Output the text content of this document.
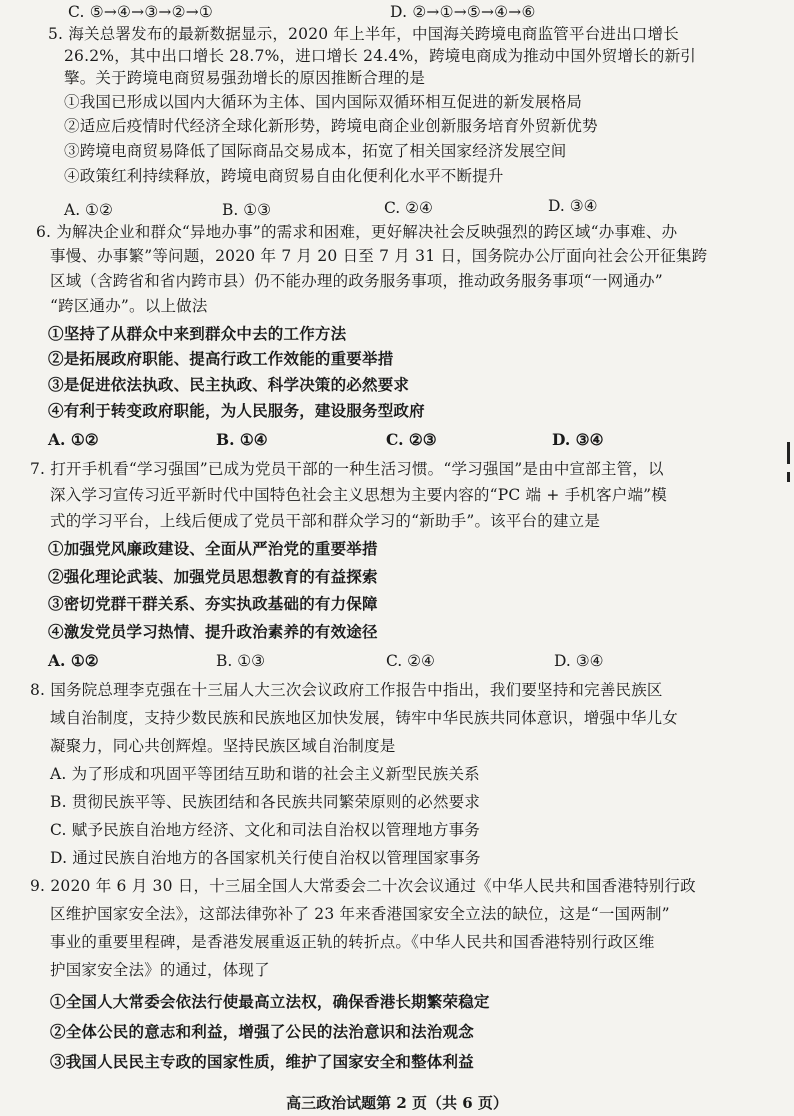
C. ⑤→④→③→②→①	D. ②→①→⑤→④→⑥
5. 海关总署发布的最新数据显示，2020 年上半年，中国海关跨境电商监管平台进出口增长
26.2%，其中出口增长 28.7%，进口增长 24.4%，跨境电商成为推动中国外贸增长的新引
擎。关于跨境电商贸易强劲增长的原因推断合理的是
①我国已形成以国内大循环为主体、国内国际双循环相互促进的新发展格局
②适应后疫情时代经济全球化新形势，跨境电商企业创新服务培育外贸新优势
③跨境电商贸易降低了国际商品交易成本，拓宽了相关国家经济发展空间
④政策红利持续释放，跨境电商贸易自由化便利化水平不断提升
A. ①②	B. ①③	C. ②④	D. ③④
6. 为解决企业和群众“异地办事”的需求和困难，更好解决社会反映强烈的跨区域“办事难、办
事慢、办事繁”等问题，2020 年 7 月 20 日至 7 月 31 日，国务院办公厅面向社会公开征集跨
区域（含跨省和省内跨市县）仍不能办理的政务服务事项，推动政务服务事项“一网通办”
“跨区通办”。以上做法
①坚持了从群众中来到群众中去的工作方法
②是拓展政府职能、提高行政工作效能的重要举措
③是促进依法执政、民主执政、科学决策的必然要求
④有利于转变政府职能，为人民服务，建设服务型政府
A. ①②	B. ①④	C. ②③	D. ③④
7. 打开手机看“学习强国”已成为党员干部的一种生活习惯。“学习强国”是由中宣部主管，以
深入学习宣传习近平新时代中国特色社会主义思想为主要内容的“PC 端 + 手机客户端”模
式的学习平台，上线后便成了党员干部和群众学习的“新助手”。该平台的建立是
①加强党风廉政建设、全面从严治党的重要举措
②强化理论武装、加强党员思想教育的有益探索
③密切党群干群关系、夯实执政基础的有力保障
④激发党员学习热情、提升政治素养的有效途径
A. ①②	B. ①③	C. ②④	D. ③④
8. 国务院总理李克强在十三届人大三次会议政府工作报告中指出，我们要坚持和完善民族区
域自治制度，支持少数民族和民族地区加快发展，铸牢中华民族共同体意识，增强中华儿女
凝聚力，同心共创辉煌。坚持民族区域自治制度是
A. 为了形成和巩固平等团结互助和谐的社会主义新型民族关系
B. 贯彻民族平等、民族团结和各民族共同繁荣原则的必然要求
C. 赋予民族自治地方经济、文化和司法自治权以管理地方事务
D. 通过民族自治地方的各国家机关行使自治权以管理国家事务
9. 2020 年 6 月 30 日，十三届全国人大常委会二十次会议通过《中华人民共和国香港特别行政
区维护国家安全法》，这部法律弥补了 23 年来香港国家安全立法的缺位，这是“一国两制”
事业的重要里程碑，是香港发展重返正轨的转折点。《中华人民共和国香港特别行政区维
护国家安全法》的通过，体现了
①全国人大常委会依法行使最高立法权，确保香港长期繁荣稳定
②全体公民的意志和利益，增强了公民的法治意识和法治观念
③我国人民民主专政的国家性质，维护了国家安全和整体利益
高三政治试题第 2 页（共 6 页）
